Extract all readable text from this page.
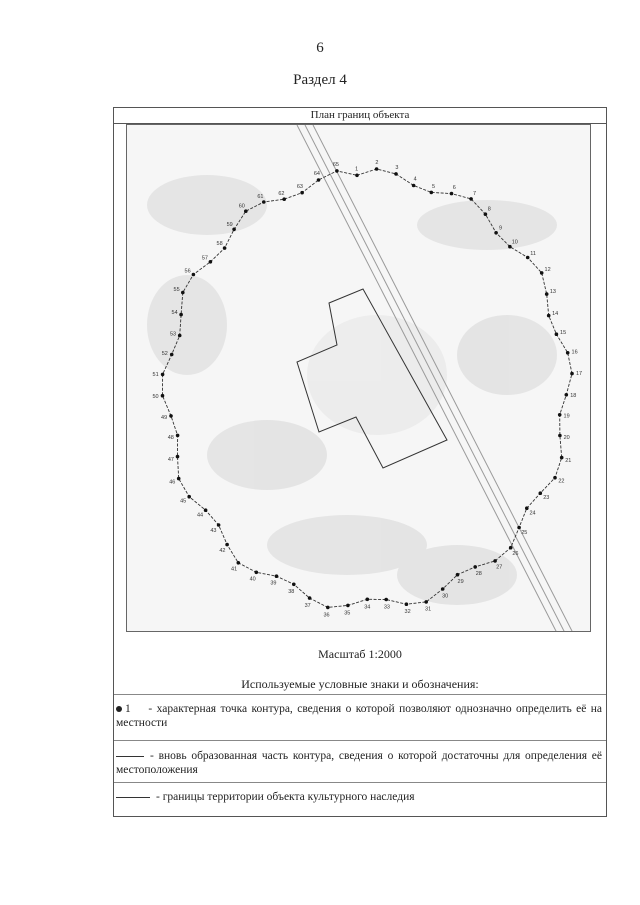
6
Раздел 4
План границ объекта
1
2
3
4
5	6
7
8
9
10
11
12
13
14
15
16
17
18
19
20
21
22
23
24
25
26
27
28
29
30
31
32
33
34
35
36
37
38
39
40
41
42
43
44
45
46
47
48
49
50
51
52
53
54
55
56
57
58
59
60
61
62
63
64
65
Масштаб 1:2000
Используемые условные знаки и обозначения:
1 - характерная точка контура, сведения о которой позволяют однозначно определить её на местности
- вновь образованная часть контура, сведения о которой достаточны для определения её местоположения
- границы территории объекта культурного наследия
